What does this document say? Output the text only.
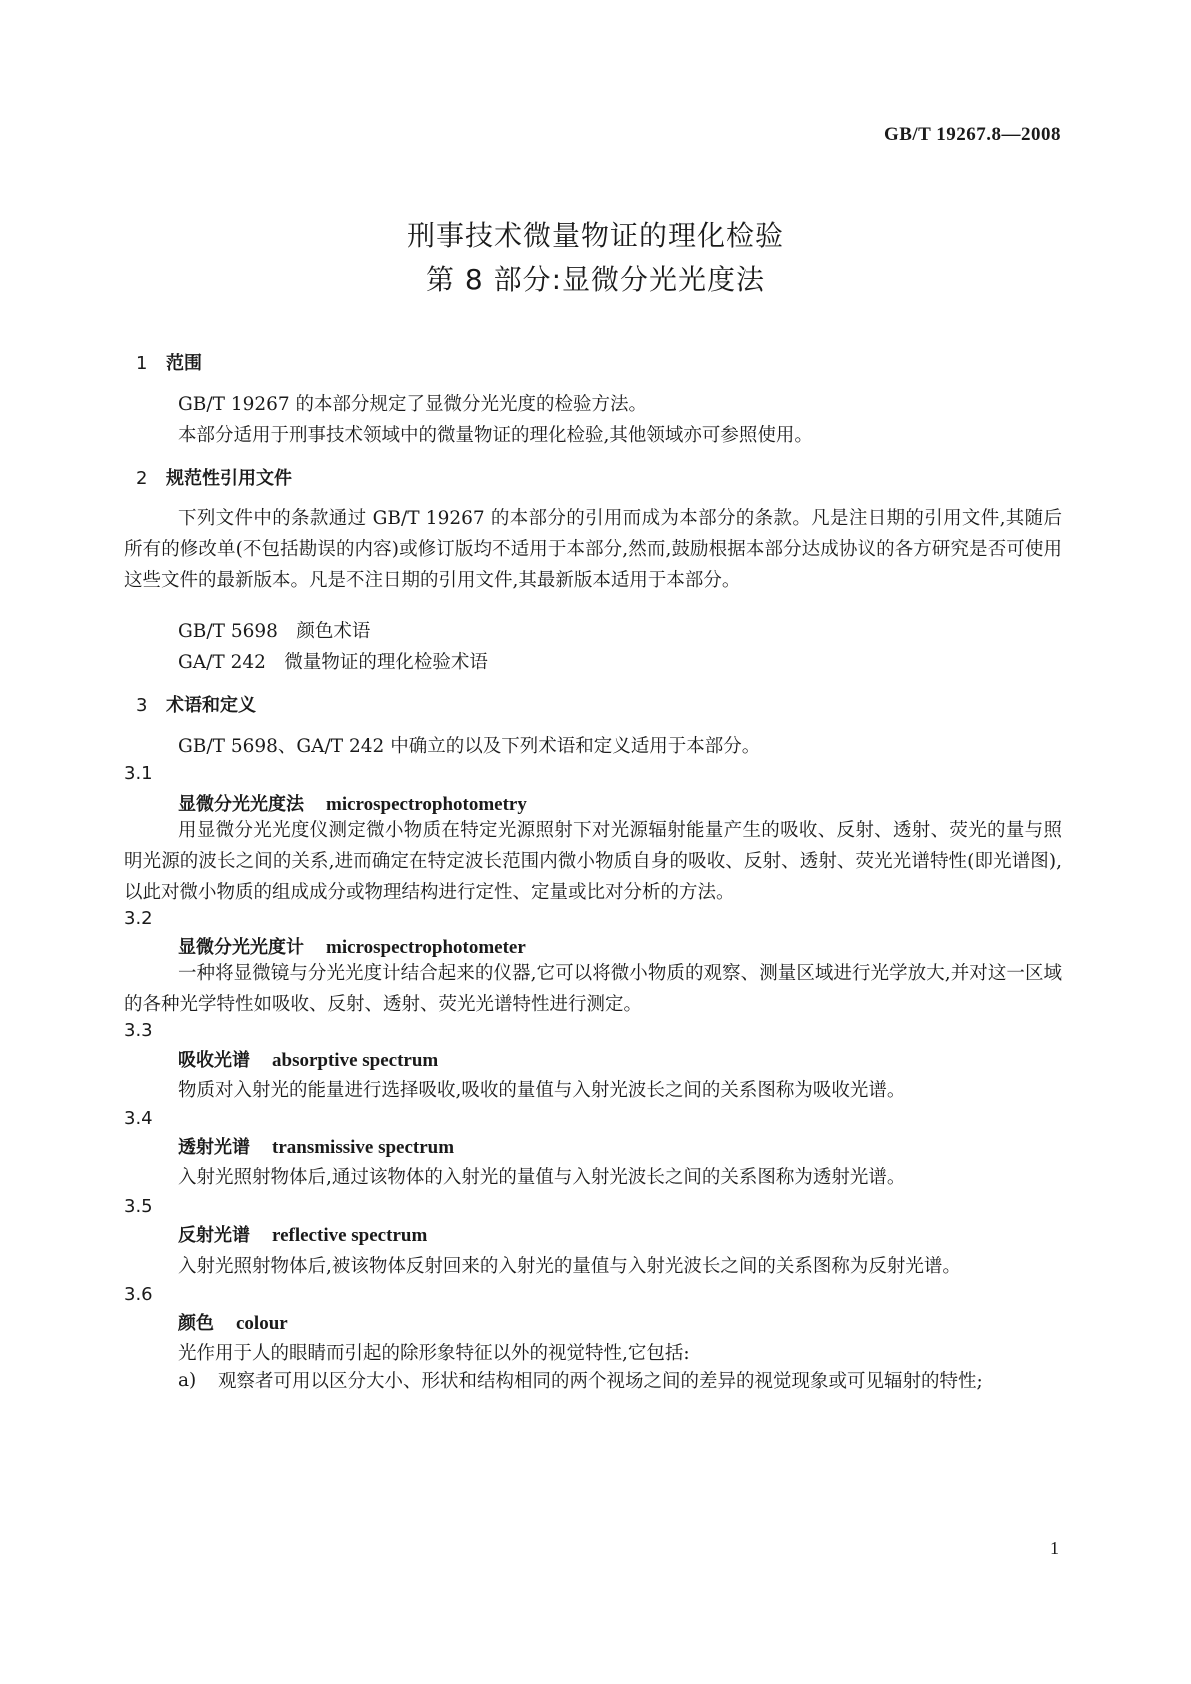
GB/T 19267.8—2008
刑事技术微量物证的理化检验
第 8 部分:显微分光光度法
1 范围
GB/T 19267 的本部分规定了显微分光光度的检验方法。
本部分适用于刑事技术领域中的微量物证的理化检验,其他领域亦可参照使用。
2 规范性引用文件
下列文件中的条款通过 GB/T 19267 的本部分的引用而成为本部分的条款。凡是注日期的引用文件,其随后所有的修改单(不包括勘误的内容)或修订版均不适用于本部分,然而,鼓励根据本部分达成协议的各方研究是否可使用这些文件的最新版本。凡是不注日期的引用文件,其最新版本适用于本部分。
GB/T 5698　颜色术语
GA/T 242　微量物证的理化检验术语
3 术语和定义
GB/T 5698、GA/T 242 中确立的以及下列术语和定义适用于本部分。
3.1
显微分光光度法 microspectrophotometry
用显微分光光度仪测定微小物质在特定光源照射下对光源辐射能量产生的吸收、反射、透射、荧光的量与照明光源的波长之间的关系,进而确定在特定波长范围内微小物质自身的吸收、反射、透射、荧光光谱特性(即光谱图),以此对微小物质的组成成分或物理结构进行定性、定量或比对分析的方法。
3.2
显微分光光度计 microspectrophotometer
一种将显微镜与分光光度计结合起来的仪器,它可以将微小物质的观察、测量区域进行光学放大,并对这一区域的各种光学特性如吸收、反射、透射、荧光光谱特性进行测定。
3.3
吸收光谱 absorptive spectrum
物质对入射光的能量进行选择吸收,吸收的量值与入射光波长之间的关系图称为吸收光谱。
3.4
透射光谱 transmissive spectrum
入射光照射物体后,通过该物体的入射光的量值与入射光波长之间的关系图称为透射光谱。
3.5
反射光谱 reflective spectrum
入射光照射物体后,被该物体反射回来的入射光的量值与入射光波长之间的关系图称为反射光谱。
3.6
颜色 colour
光作用于人的眼睛而引起的除形象特征以外的视觉特性,它包括:
a) 观察者可用以区分大小、形状和结构相同的两个视场之间的差异的视觉现象或可见辐射的特性;
1
